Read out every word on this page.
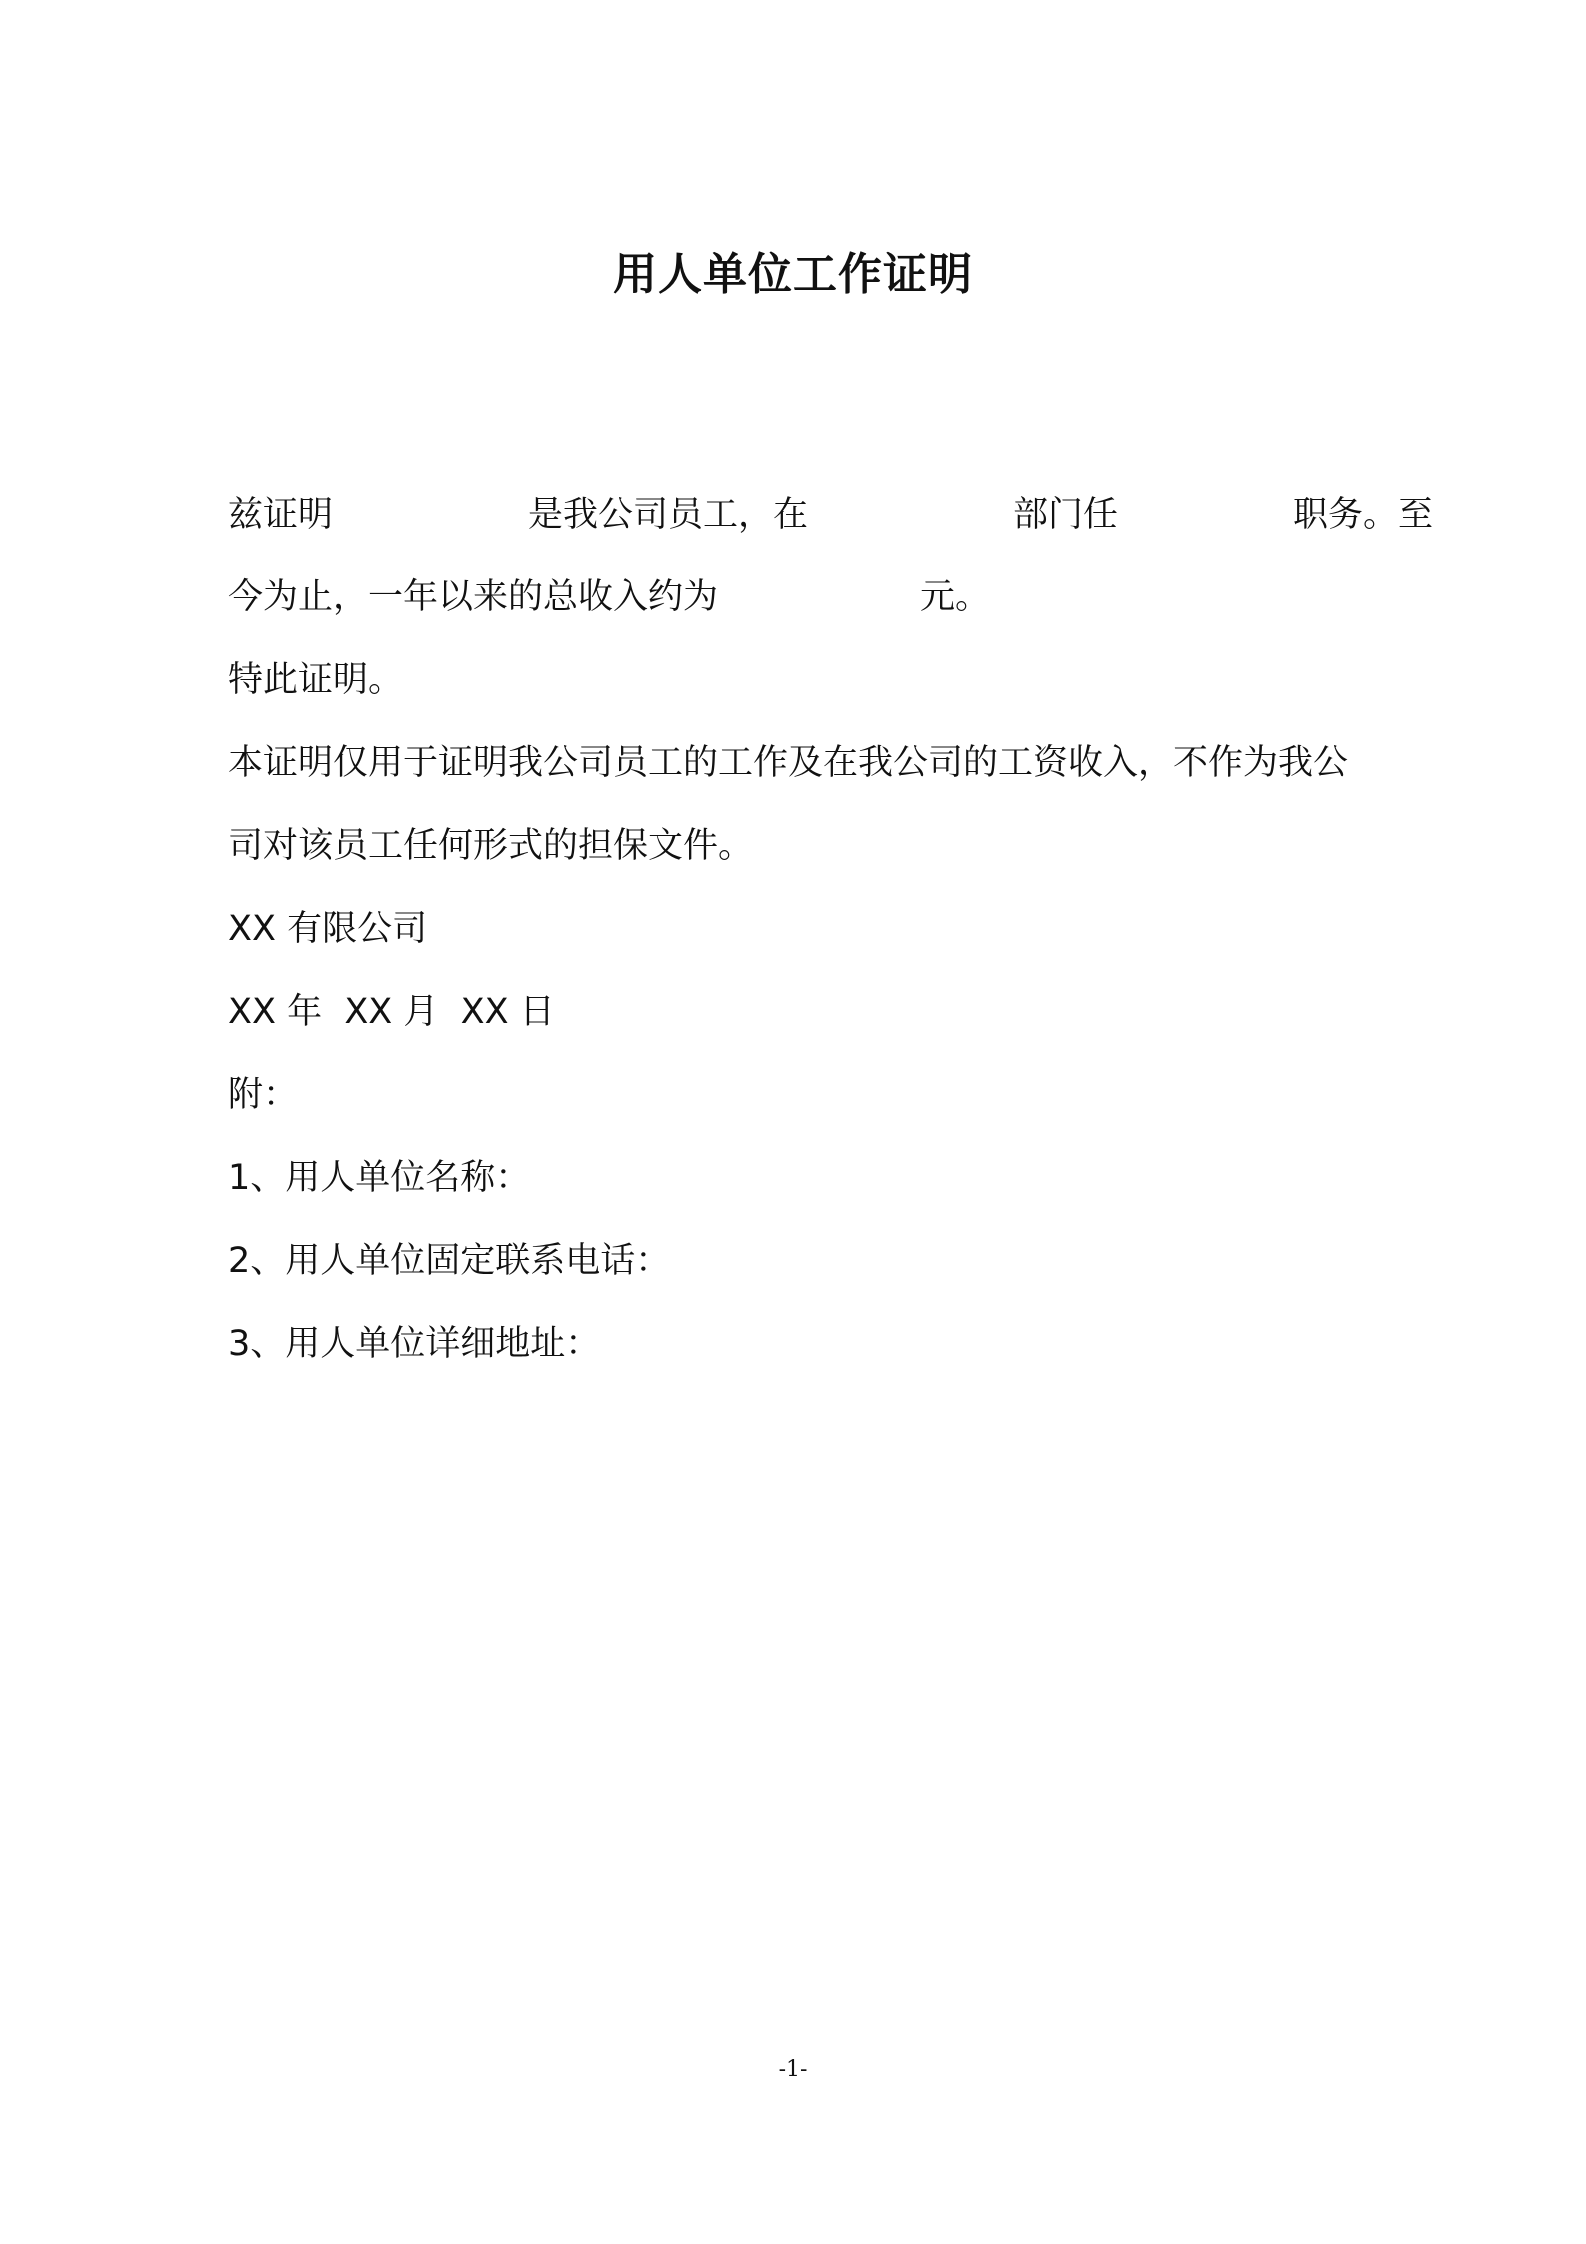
用人单位工作证明
兹证明	是我公司员工，在	部门任	职务。至
今为止，一年以来的总收入约为	元。
特此证明。
本证明仅用于证明我公司员工的工作及在我公司的工资收入，不作为我公
司对该员工任何形式的担保文件。
XX 有限公司
XX 年  XX 月  XX 日
附：
1、用人单位名称：
2、用人单位固定联系电话：
3、用人单位详细地址：
-1-
